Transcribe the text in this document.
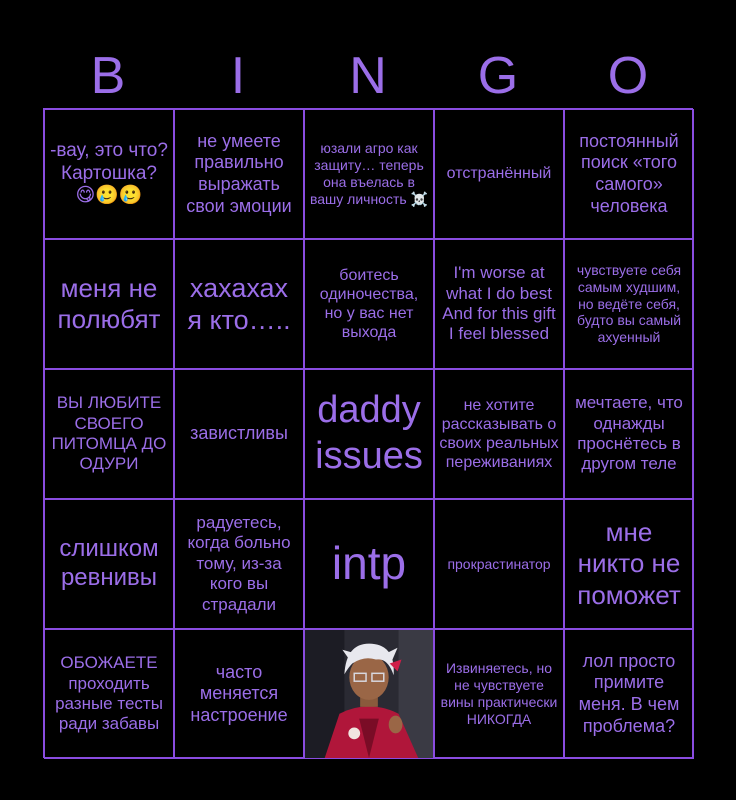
B	I	N	G	O
-вау, это что? Картошка? 😋🥲🥲
не умеете правильно выражать свои эмоции
юзали агро как защиту… теперь она въелась в вашу личность ☠️
отстранённый
постоянный поиск «того самого» человека
меня не полюбят
хахахах я кто…..
боитесь одиночества, но у вас нет выхода
I'm worse at what I do best And for this gift I feel blessed
чувствуете себя самым худшим, но ведёте себя, будто вы самый ахуенный
ВЫ ЛЮБИТЕ СВОЕГО ПИТОМЦА ДО ОДУРИ
завистливы
daddy issues
не хотите рассказывать о своих реальных переживаниях
мечтаете, что однажды проснётесь в другом теле
слишком ревнивы
радуетесь, когда больно тому, из-за кого вы страдали
intp	прокрастинатор
мне никто не поможет
ОБОЖАЕТЕ проходить разные тесты ради забавы
часто меняется настроение
Извиняетесь, но не чувствуете вины практически НИКОГДА
лол просто примите меня. В чем проблема?
